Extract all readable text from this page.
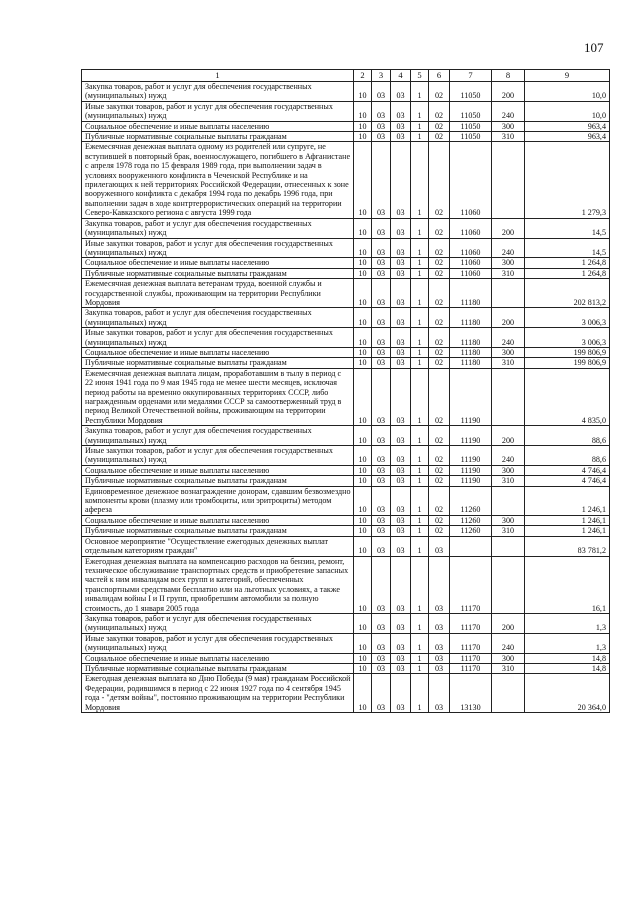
107
1	2	3	4	5	6	7	8	9
Закупка товаров, работ и услуг для обеспечения государственных (муниципальных) нужд	10	03	03	1	02	11050	200	10,0
Иные закупки товаров, работ и услуг для обеспечения государственных (муниципальных) нужд	10	03	03	1	02	11050	240	10,0
Социальное обеспечение и иные выплаты населению	10	03	03	1	02	11050	300	963,4
Публичные нормативные социальные выплаты гражданам	10	03	03	1	02	11050	310	963,4
Ежемесячная денежная выплата одному из родителей или супруге, не вступившей в повторный брак, военнослужащего, погибшего в Афганистане с апреля 1978 года по 15 февраля 1989 года, при выполнении задач в условиях вооруженного конфликта в Чеченской Республике и на прилегающих к ней территориях Российской Федерации, отнесенных к зоне вооруженного конфликта с декабря 1994 года по декабрь 1996 года, при выполнении задач в ходе контртеррористических операций на территории Северо-Кавказского региона с августа 1999 года	10	03	03	1	02	11060		1 279,3
Закупка товаров, работ и услуг для обеспечения государственных (муниципальных) нужд	10	03	03	1	02	11060	200	14,5
Иные закупки товаров, работ и услуг для обеспечения государственных (муниципальных) нужд	10	03	03	1	02	11060	240	14,5
Социальное обеспечение и иные выплаты населению	10	03	03	1	02	11060	300	1 264,8
Публичные нормативные социальные выплаты гражданам	10	03	03	1	02	11060	310	1 264,8
Ежемесячная денежная выплата ветеранам труда, военной службы и государственной службы, проживающим на территории Республики Мордовия	10	03	03	1	02	11180		202 813,2
Закупка товаров, работ и услуг для обеспечения государственных (муниципальных) нужд	10	03	03	1	02	11180	200	3 006,3
Иные закупки товаров, работ и услуг для обеспечения государственных (муниципальных) нужд	10	03	03	1	02	11180	240	3 006,3
Социальное обеспечение и иные выплаты населению	10	03	03	1	02	11180	300	199 806,9
Публичные нормативные социальные выплаты гражданам	10	03	03	1	02	11180	310	199 806,9
Ежемесячная денежная выплата лицам, проработавшим в тылу в период с 22 июня 1941 года по 9 мая 1945 года не менее шести месяцев, исключая период работы на временно оккупированных территориях СССР, либо награжденным орденами или медалями СССР за самоотверженный труд в период Великой Отечественной войны, проживающим на территории Республики Мордовия	10	03	03	1	02	11190		4 835,0
Закупка товаров, работ и услуг для обеспечения государственных (муниципальных) нужд	10	03	03	1	02	11190	200	88,6
Иные закупки товаров, работ и услуг для обеспечения государственных (муниципальных) нужд	10	03	03	1	02	11190	240	88,6
Социальное обеспечение и иные выплаты населению	10	03	03	1	02	11190	300	4 746,4
Публичные нормативные социальные выплаты гражданам	10	03	03	1	02	11190	310	4 746,4
Единовременное денежное вознаграждение донорам, сдавшим безвозмездно компоненты крови (плазму или тромбоциты, или эритроциты) методом афереза	10	03	03	1	02	11260		1 246,1
Социальное обеспечение и иные выплаты населению	10	03	03	1	02	11260	300	1 246,1
Публичные нормативные социальные выплаты гражданам	10	03	03	1	02	11260	310	1 246,1
Основное мероприятие "Осуществление ежегодных денежных выплат отдельным категориям граждан"	10	03	03	1	03			83 781,2
Ежегодная денежная выплата на компенсацию расходов на бензин, ремонт, техническое обслуживание транспортных средств и приобретение запасных частей к ним инвалидам всех групп и категорий, обеспеченных транспортными средствами бесплатно или на льготных условиях, а также инвалидам войны I и II групп, приобретшим автомобили за полную стоимость, до 1 января 2005 года	10	03	03	1	03	11170		16,1
Закупка товаров, работ и услуг для обеспечения государственных (муниципальных) нужд	10	03	03	1	03	11170	200	1,3
Иные закупки товаров, работ и услуг для обеспечения государственных (муниципальных) нужд	10	03	03	1	03	11170	240	1,3
Социальное обеспечение и иные выплаты населению	10	03	03	1	03	11170	300	14,8
Публичные нормативные социальные выплаты гражданам	10	03	03	1	03	11170	310	14,8
Ежегодная денежная выплата ко Дню Победы (9 мая) гражданам Российской Федерации, родившимся в период с 22 июня 1927 года по 4 сентября 1945 года - "детям войны", постоянно проживающим на территории Республики Мордовия	10	03	03	1	03	13130		20 364,0
